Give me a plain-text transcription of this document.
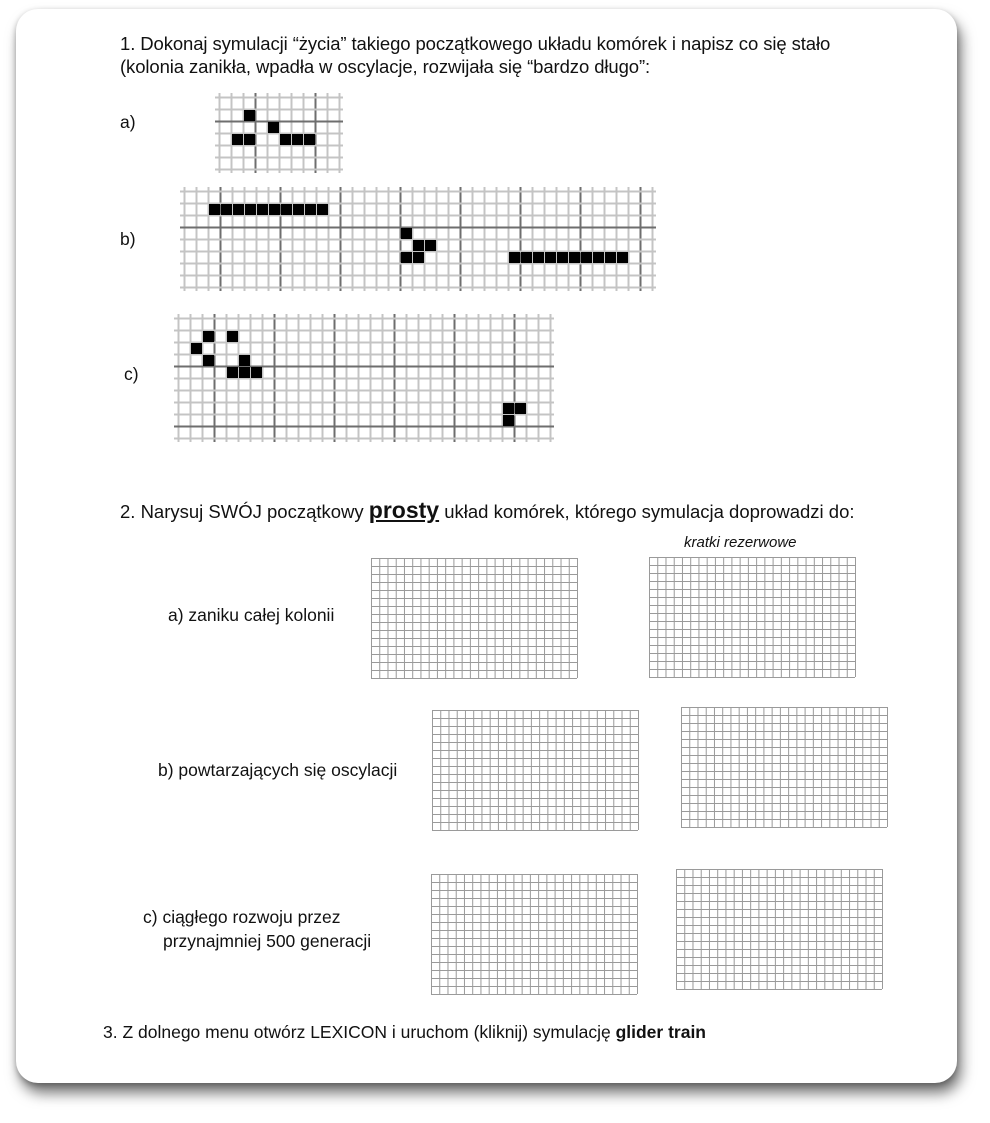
1. Dokonaj symulacji “życia” takiego początkowego układu komórek i napisz co się stało
(kolonia zanikła, wpadła w oscylacje, rozwijała się “bardzo długo”:
a)
b)
c)
2. Narysuj SWÓJ początkowy prosty układ komórek, którego symulacja doprowadzi do:
kratki rezerwowe
a) zaniku całej kolonii
b) powtarzających się oscylacji
c) ciągłego rozwoju przez
przynajmniej 500 generacji
3. Z dolnego menu otwórz LEXICON i uruchom (kliknij) symulację glider train
